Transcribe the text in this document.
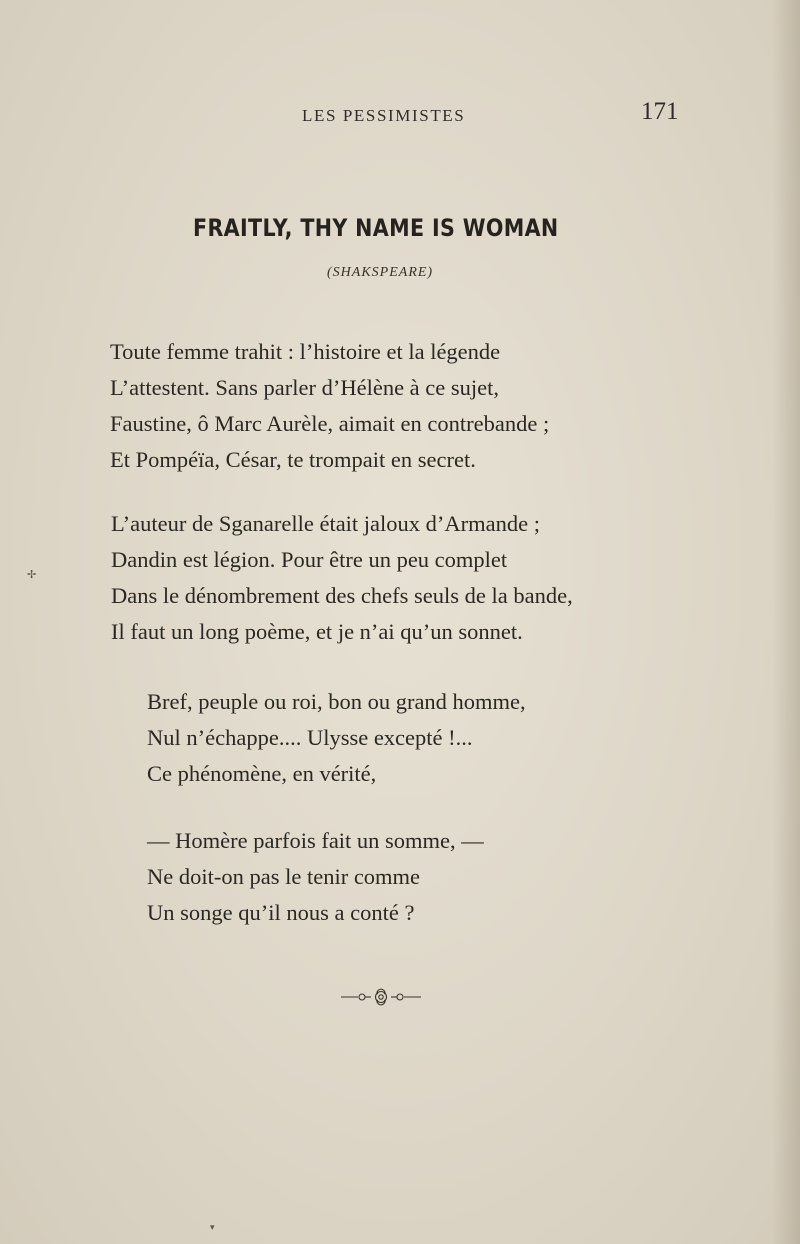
LES PESSIMISTES	171
FRAITLY, THY NAME IS WOMAN
(SHAKSPEARE)
Toute femme trahit : l’histoire et la légende
L’attestent. Sans parler d’Hélène à ce sujet,
Faustine, ô Marc Aurèle, aimait en contrebande ;
Et Pompéïa, César, te trompait en secret.
L’auteur de Sganarelle était jaloux d’Armande ;
Dandin est légion. Pour être un peu complet
Dans le dénombrement des chefs seuls de la bande,
Il faut un long poème, et je n’ai qu’un sonnet.
Bref, peuple ou roi, bon ou grand homme,
Nul n’échappe.... Ulysse excepté !...
Ce phénomène, en vérité,
— Homère parfois fait un somme, —
Ne doit-on pas le tenir comme
Un songe qu’il nous a conté ?
✢
▾
